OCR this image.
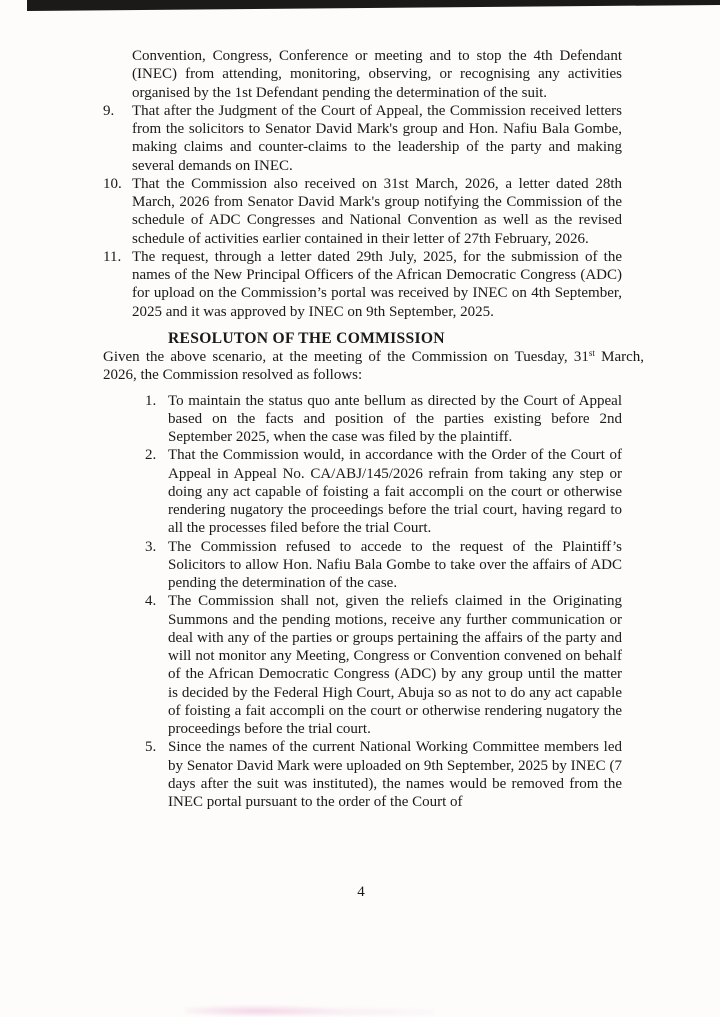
Convention, Congress, Conference or meeting and to stop the 4th Defendant (INEC) from attending, monitoring, observing, or recognising any activities organised by the 1st Defendant pending the determination of the suit.

9. That after the Judgment of the Court of Appeal, the Commission received letters from the solicitors to Senator David Mark's group and Hon. Nafiu Bala Gombe, making claims and counter-claims to the leadership of the party and making several demands on INEC.

10. That the Commission also received on 31st March, 2026, a letter dated 28th March, 2026 from Senator David Mark's group notifying the Commission of the schedule of ADC Congresses and National Convention as well as the revised schedule of activities earlier contained in their letter of 27th February, 2026.

11. The request, through a letter dated 29th July, 2025, for the submission of the names of the New Principal Officers of the African Democratic Congress (ADC) for upload on the Commission’s portal was received by INEC on 4th September, 2025 and it was approved by INEC on 9th September, 2025.

RESOLUTON OF THE COMMISSION

Given the above scenario, at the meeting of the Commission on Tuesday, 31st March, 2026, the Commission resolved as follows:

1. To maintain the status quo ante bellum as directed by the Court of Appeal based on the facts and position of the parties existing before 2nd September 2025, when the case was filed by the plaintiff.

2. That the Commission would, in accordance with the Order of the Court of Appeal in Appeal No. CA/ABJ/145/2026 refrain from taking any step or doing any act capable of foisting a fait accompli on the court or otherwise rendering nugatory the proceedings before the trial court, having regard to all the processes filed before the trial Court.

3. The Commission refused to accede to the request of the Plaintiff’s Solicitors to allow Hon. Nafiu Bala Gombe to take over the affairs of ADC pending the determination of the case.

4. The Commission shall not, given the reliefs claimed in the Originating Summons and the pending motions, receive any further communication or deal with any of the parties or groups pertaining the affairs of the party and will not monitor any Meeting, Congress or Convention convened on behalf of the African Democratic Congress (ADC) by any group until the matter is decided by the Federal High Court, Abuja so as not to do any act capable of foisting a fait accompli on the court or otherwise rendering nugatory the proceedings before the trial court.

5. Since the names of the current National Working Committee members led by Senator David Mark were uploaded on 9th September, 2025 by INEC (7 days after the suit was instituted), the names would be removed from the INEC portal pursuant to the order of the Court of

4
